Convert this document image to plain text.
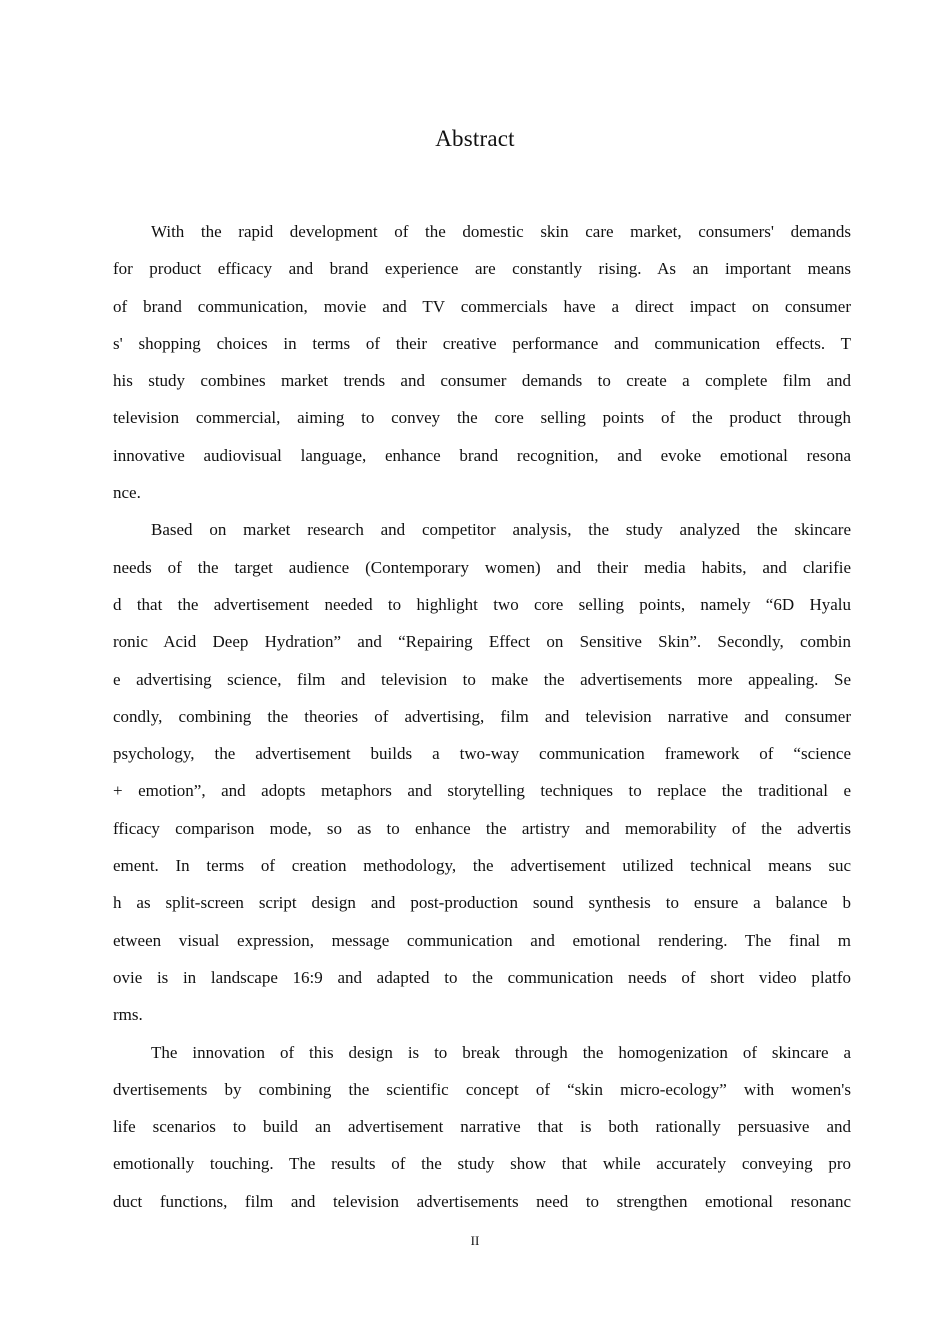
Abstract
With the rapid development of the domestic skin care market, consumers' demands
for product efficacy and brand experience are constantly rising. As an important means
of brand communication, movie and TV commercials have a direct impact on consumer
s' shopping choices in terms of their creative performance and communication effects. T
his study combines market trends and consumer demands to create a complete film and
television commercial, aiming to convey the core selling points of the product through
innovative audiovisual language, enhance brand recognition, and evoke emotional resona
nce.
Based on market research and competitor analysis, the study analyzed the skincare
needs of the target audience (Contemporary women) and their media habits, and clarifie
d that the advertisement needed to highlight two core selling points, namely “6D Hyalu
ronic Acid Deep Hydration” and “Repairing Effect on Sensitive Skin”. Secondly, combin
e advertising science, film and television to make the advertisements more appealing. Se
condly, combining the theories of advertising, film and television narrative and consumer
psychology, the advertisement builds a two-way communication framework of “science
+ emotion”, and adopts metaphors and storytelling techniques to replace the traditional e
fficacy comparison mode, so as to enhance the artistry and memorability of the advertis
ement. In terms of creation methodology, the advertisement utilized technical means suc
h as split-screen script design and post-production sound synthesis to ensure a balance b
etween visual expression, message communication and emotional rendering. The final m
ovie is in landscape 16:9 and adapted to the communication needs of short video platfo
rms.
The innovation of this design is to break through the homogenization of skincare a
dvertisements by combining the scientific concept of “skin micro-ecology” with women's
life scenarios to build an advertisement narrative that is both rationally persuasive and
emotionally touching. The results of the study show that while accurately conveying pro
duct functions, film and television advertisements need to strengthen emotional resonanc
II
